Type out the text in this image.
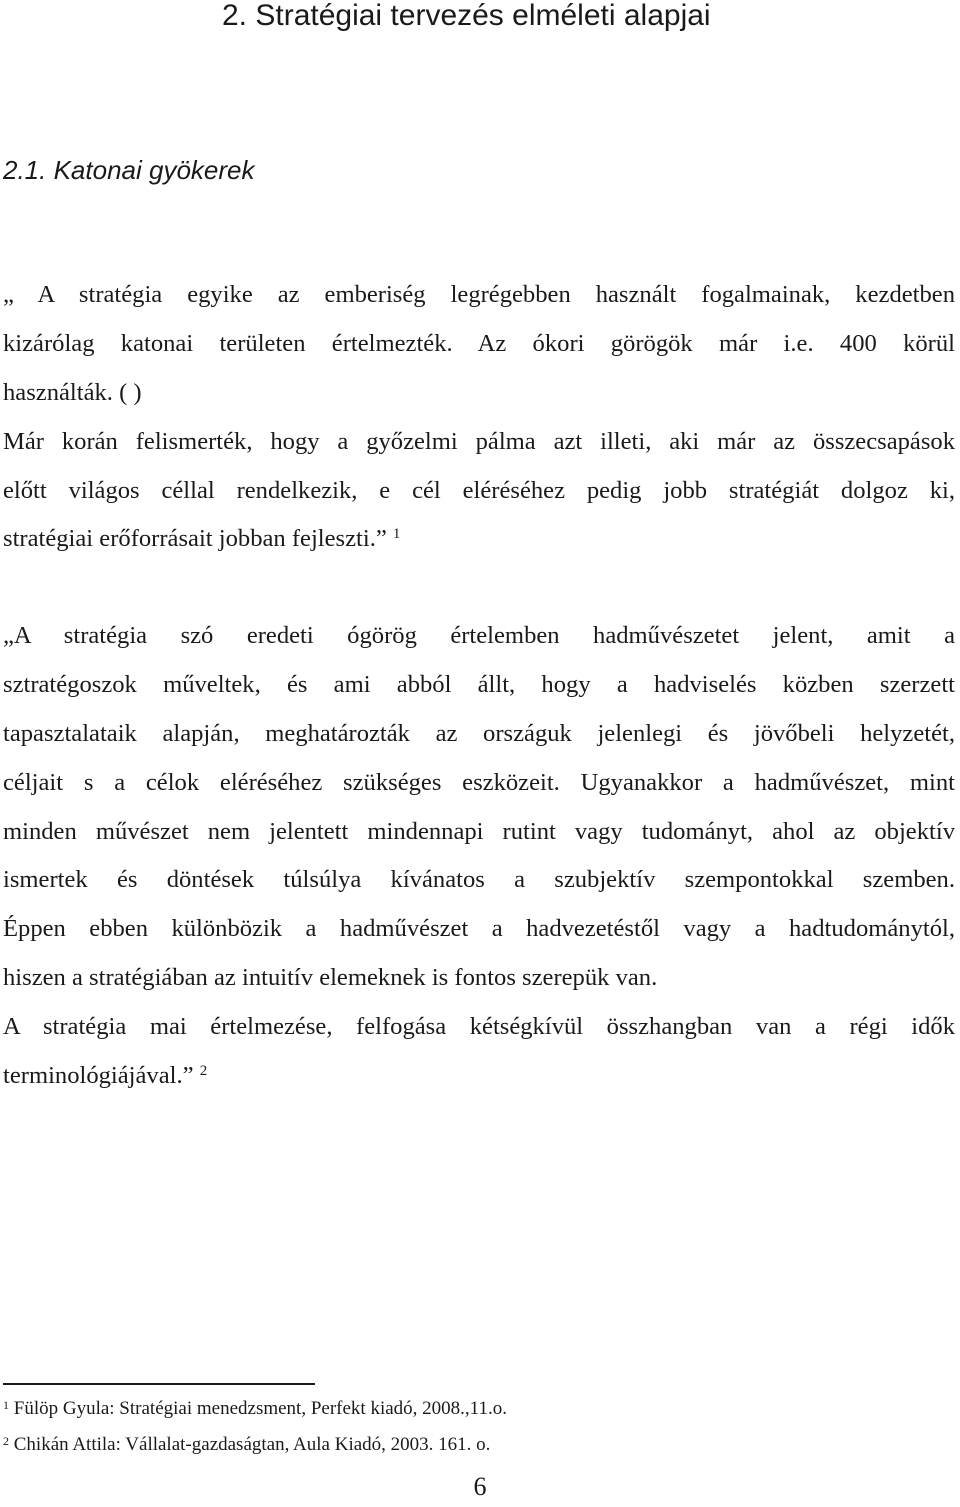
2. Stratégiai tervezés elméleti alapjai
2.1. Katonai gyökerek
„ A stratégia egyike az emberiség legrégebben használt fogalmainak, kezdetben
kizárólag katonai területen értelmezték. Az ókori görögök már i.e. 400 körül
használták. ( )
Már korán felismerték, hogy a győzelmi pálma azt illeti, aki már az összecsapások
előtt világos céllal rendelkezik, e cél eléréséhez pedig jobb stratégiát dolgoz ki,
stratégiai erőforrásait jobban fejleszti.” $^1$
„A stratégia szó eredeti ógörög értelemben hadművészetet jelent, amit a
sztratégoszok műveltek, és ami abból állt, hogy a hadviselés közben szerzett
tapasztalataik alapján, meghatározták az országuk jelenlegi és jövőbeli helyzetét,
céljait s a célok eléréséhez szükséges eszközeit. Ugyanakkor a hadművészet, mint
minden művészet nem jelentett mindennapi rutint vagy tudományt, ahol az objektív
ismertek és döntések túlsúlya kívánatos a szubjektív szempontokkal szemben.
Éppen ebben különbözik a hadművészet a hadvezetéstől vagy a hadtudománytól,
hiszen a stratégiában az intuitív elemeknek is fontos szerepük van.
A stratégia mai értelmezése, felfogása kétségkívül összhangban van a régi idők
terminológiájával.” $^2$

$^1$ Fülöp Gyula: Stratégiai menedzsment, Perfekt kiadó, 2008.,11.o.

$^2$ Chikán Attila: Vállalat-gazdaságtan, Aula Kiadó, 2003. 161. o.

6
